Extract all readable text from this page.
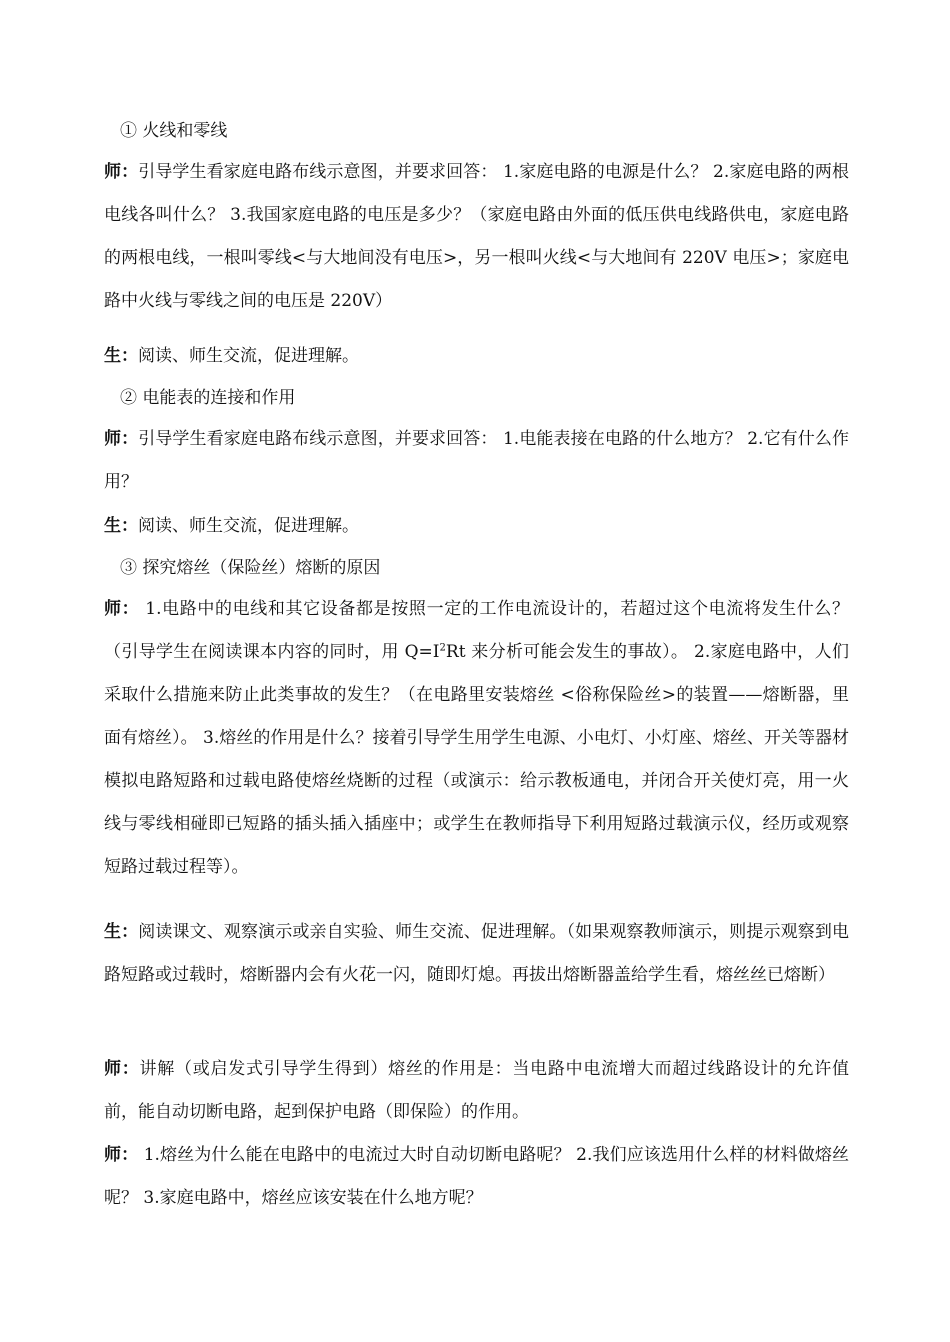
① 火线和零线

师：引导学生看家庭电路布线示意图，并要求回答： 1.家庭电路的电源是什么？ 2.家庭电路的两根电线各叫什么？ 3.我国家庭电路的电压是多少？（家庭电路由外面的低压供电线路供电，家庭电路的两根电线，一根叫零线<与大地间没有电压>，另一根叫火线<与大地间有 220V 电压>；家庭电路中火线与零线之间的电压是 220V）

生：阅读、师生交流，促进理解。

② 电能表的连接和作用

师：引导学生看家庭电路布线示意图，并要求回答： 1.电能表接在电路的什么地方？ 2.它有什么作用？

生：阅读、师生交流，促进理解。

③ 探究熔丝（保险丝）熔断的原因

师： 1.电路中的电线和其它设备都是按照一定的工作电流设计的，若超过这个电流将发生什么？（引导学生在阅读课本内容的同时，用 $Q=I^2Rt$ 来分析可能会发生的事故）。 2.家庭电路中，人们采取什么措施来防止此类事故的发生？（在电路里安装熔丝 <俗称保险丝>的装置——熔断器，里面有熔丝）。 3.熔丝的作用是什么？接着引导学生用学生电源、小电灯、小灯座、熔丝、开关等器材模拟电路短路和过载电路使熔丝烧断的过程（或演示：给示教板通电，并闭合开关使灯亮，用一火线与零线相碰即已短路的插头插入插座中；或学生在教师指导下利用短路过载演示仪，经历或观察短路过载过程等）。

生：阅读课文、观察演示或亲自实验、师生交流、促进理解。（如果观察教师演示，则提示观察到电路短路或过载时，熔断器内会有火花一闪，随即灯熄。再拔出熔断器盖给学生看，熔丝丝已熔断）

师：讲解（或启发式引导学生得到）熔丝的作用是：当电路中电流增大而超过线路设计的允许值前，能自动切断电路，起到保护电路（即保险）的作用。

师： 1.熔丝为什么能在电路中的电流过大时自动切断电路呢？ 2.我们应该选用什么样的材料做熔丝呢？ 3.家庭电路中，熔丝应该安装在什么地方呢？
